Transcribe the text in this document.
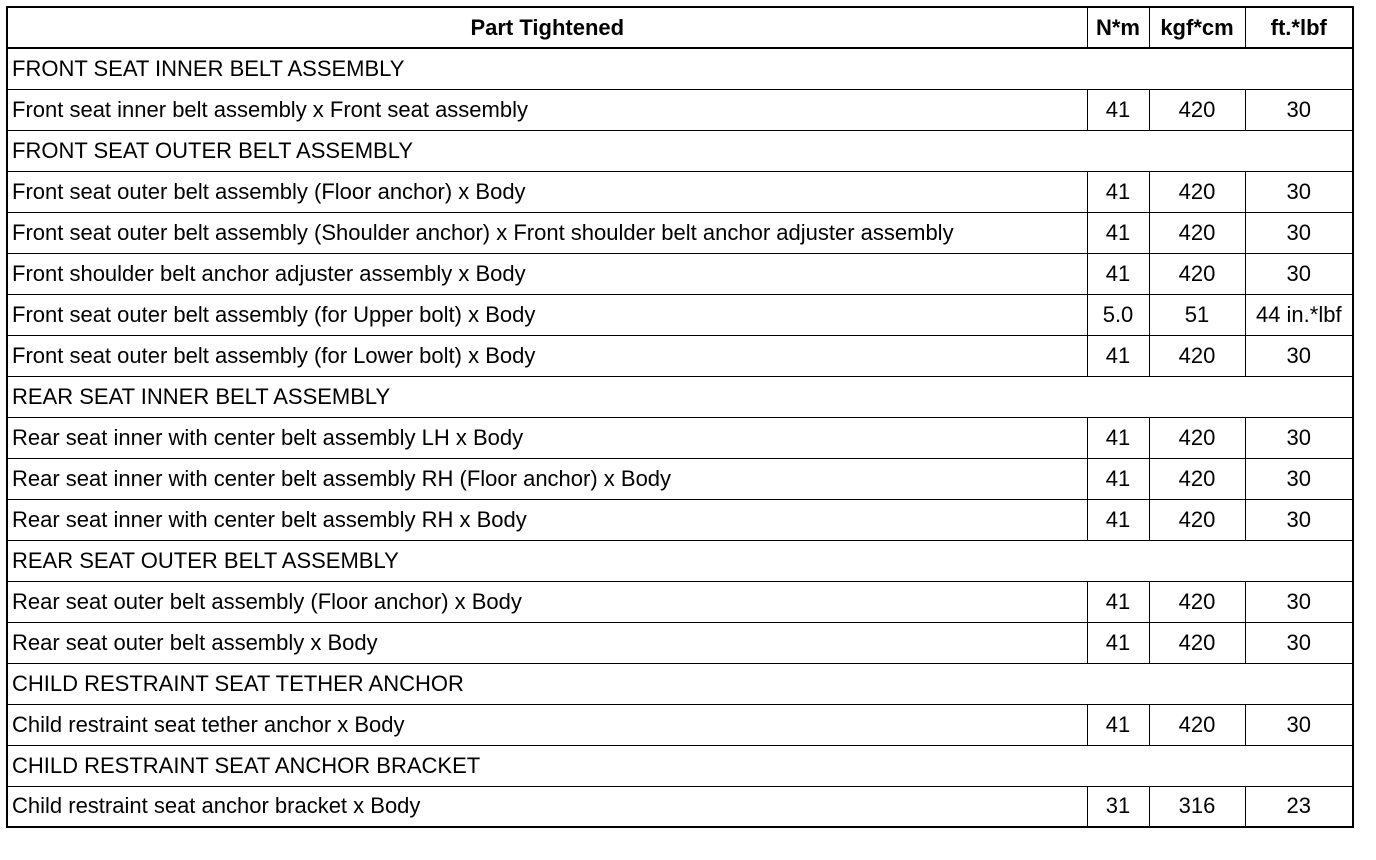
Part Tightened	N*m	kgf*cm	ft.*lbf
FRONT SEAT INNER BELT ASSEMBLY			
Front seat inner belt assembly x Front seat assembly	41	420	30
FRONT SEAT OUTER BELT ASSEMBLY			
Front seat outer belt assembly (Floor anchor) x Body	41	420	30
Front seat outer belt assembly (Shoulder anchor) x Front shoulder belt anchor adjuster assembly	41	420	30
Front shoulder belt anchor adjuster assembly x Body	41	420	30
Front seat outer belt assembly (for Upper bolt) x Body	5.0	51	44 in.*lbf
Front seat outer belt assembly (for Lower bolt) x Body	41	420	30
REAR SEAT INNER BELT ASSEMBLY			
Rear seat inner with center belt assembly LH x Body	41	420	30
Rear seat inner with center belt assembly RH (Floor anchor) x Body	41	420	30
Rear seat inner with center belt assembly RH x Body	41	420	30
REAR SEAT OUTER BELT ASSEMBLY			
Rear seat outer belt assembly (Floor anchor) x Body	41	420	30
Rear seat outer belt assembly x Body	41	420	30
CHILD RESTRAINT SEAT TETHER ANCHOR			
Child restraint seat tether anchor x Body	41	420	30
CHILD RESTRAINT SEAT ANCHOR BRACKET			
Child restraint seat anchor bracket x Body	31	316	23
